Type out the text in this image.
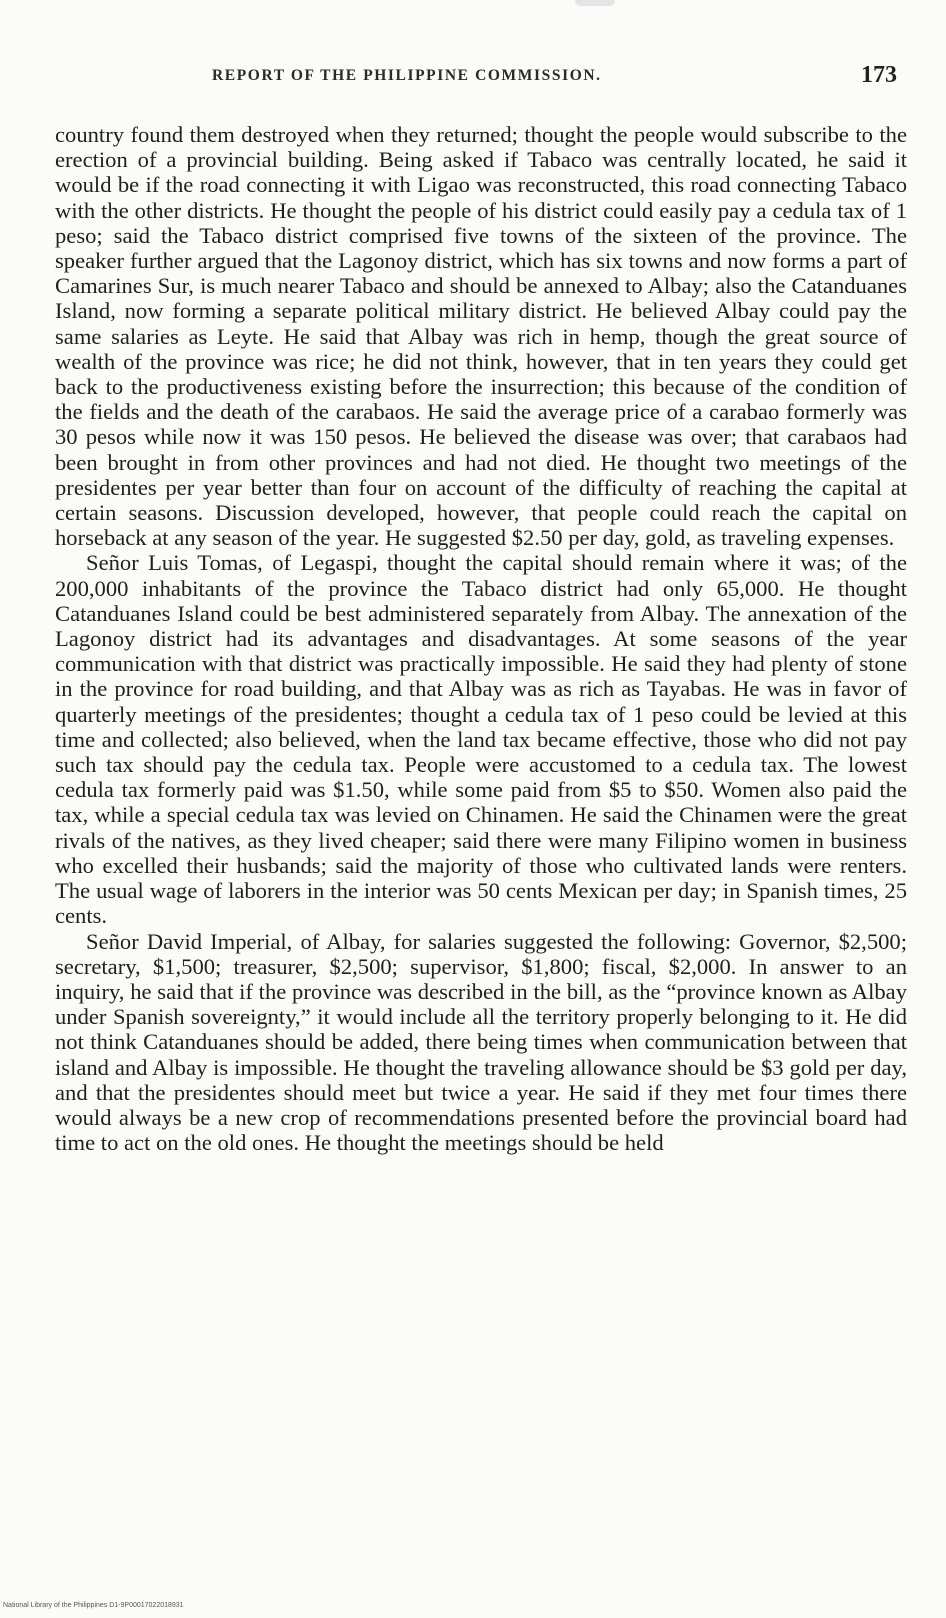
REPORT OF THE PHILIPPINE COMMISSION.	173

country found them destroyed when they returned; thought the people would subscribe to the erection of a provincial building. Being asked if Tabaco was centrally located, he said it would be if the road connecting it with Ligao was reconstructed, this road connecting Tabaco with the other districts. He thought the people of his district could easily pay a cedula tax of 1 peso; said the Tabaco district comprised five towns of the sixteen of the province. The speaker further argued that the Lagonoy district, which has six towns and now forms a part of Camarines Sur, is much nearer Tabaco and should be annexed to Albay; also the Catanduanes Island, now forming a separate political military district. He believed Albay could pay the same salaries as Leyte. He said that Albay was rich in hemp, though the great source of wealth of the province was rice; he did not think, however, that in ten years they could get back to the productiveness existing before the insurrection; this because of the condition of the fields and the death of the carabaos. He said the average price of a carabao formerly was 30 pesos while now it was 150 pesos. He believed the disease was over; that carabaos had been brought in from other provinces and had not died. He thought two meetings of the presidentes per year better than four on account of the difficulty of reaching the capital at certain seasons. Discussion developed, however, that people could reach the capital on horseback at any season of the year. He suggested $2.50 per day, gold, as traveling expenses.

Señor Luis Tomas, of Legaspi, thought the capital should remain where it was; of the 200,000 inhabitants of the province the Tabaco district had only 65,000. He thought Catanduanes Island could be best administered separately from Albay. The annexation of the Lagonoy district had its advantages and disadvantages. At some seasons of the year communication with that district was practically impossible. He said they had plenty of stone in the province for road building, and that Albay was as rich as Tayabas. He was in favor of quarterly meetings of the presidentes; thought a cedula tax of 1 peso could be levied at this time and collected; also believed, when the land tax became effective, those who did not pay such tax should pay the cedula tax. People were accustomed to a cedula tax. The lowest cedula tax formerly paid was $1.50, while some paid from $5 to $50. Women also paid the tax, while a special cedula tax was levied on Chinamen. He said the Chinamen were the great rivals of the natives, as they lived cheaper; said there were many Filipino women in business who excelled their husbands; said the majority of those who cultivated lands were renters. The usual wage of laborers in the interior was 50 cents Mexican per day; in Spanish times, 25 cents.

Señor David Imperial, of Albay, for salaries suggested the following: Governor, $2,500; secretary, $1,500; treasurer, $2,500; supervisor, $1,800; fiscal, $2,000. In answer to an inquiry, he said that if the province was described in the bill, as the “province known as Albay under Spanish sovereignty,” it would include all the territory properly belonging to it. He did not think Catanduanes should be added, there being times when communication between that island and Albay is impossible. He thought the traveling allowance should be $3 gold per day, and that the presidentes should meet but twice a year. He said if they met four times there would always be a new crop of recommendations presented before the provincial board had time to act on the old ones. He thought the meetings should be held

National Library of the Philippines D1-9P00017022018931
